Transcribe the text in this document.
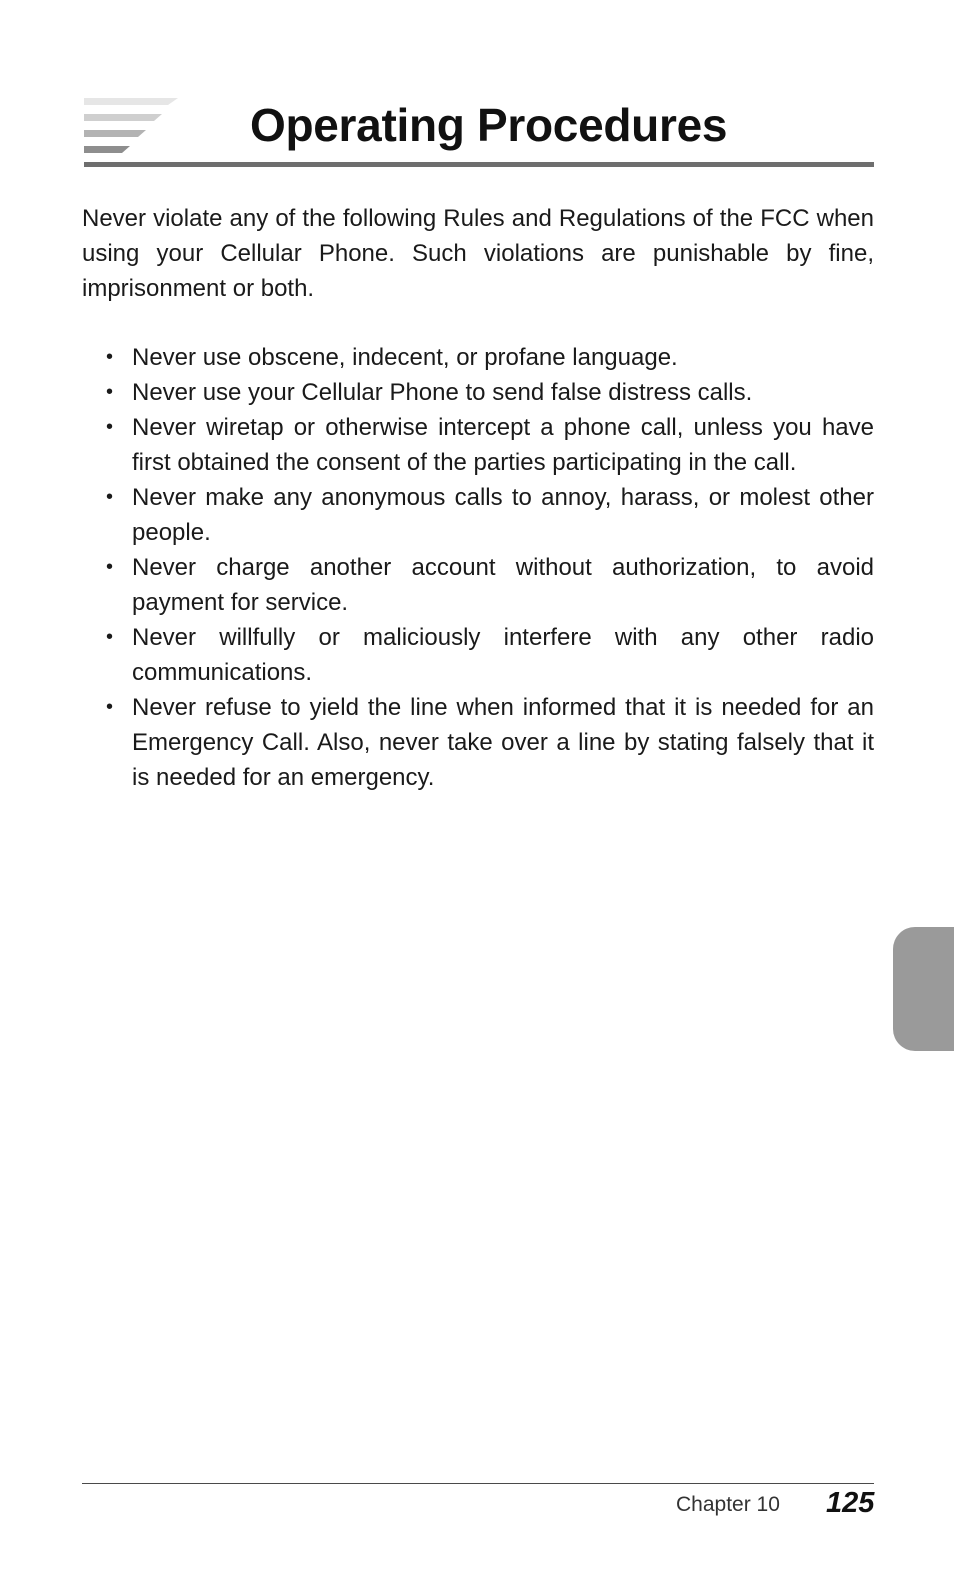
Operating Procedures

Never violate any of the following Rules and Regulations of the FCC when using your Cellular Phone. Such violations are punishable by fine, imprisonment or both.

• Never use obscene, indecent, or profane language.
• Never use your Cellular Phone to send false distress calls.
• Never wiretap or otherwise intercept a phone call, unless you have first obtained the consent of the parties participating in the call.
• Never make any anonymous calls to annoy, harass, or molest other people.
• Never charge another account without authorization, to avoid payment for service.
• Never willfully or maliciously interfere with any other radio communications.
• Never refuse to yield the line when informed that it is needed for an Emergency Call. Also, never take over a line by stating falsely that it is needed for an emergency.
Chapter 10 125
